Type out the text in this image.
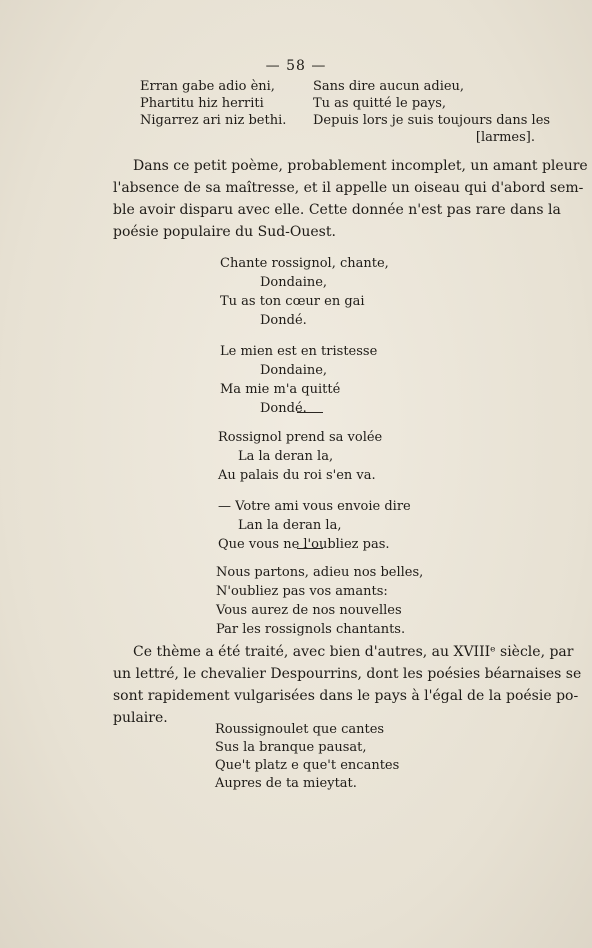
— 58 —
Erran gabe adio èni,
Phartitu hiz herriti
Nigarrez ari niz bethi.
Sans dire aucun adieu,
Tu as quitté le pays,
Depuis lors je suis toujours dans les
[larmes].
Dans ce petit poème, probablement incomplet, un amant pleure
l'absence de sa maîtresse, et il appelle un oiseau qui d'abord sem-
ble avoir disparu avec elle. Cette donnée n'est pas rare dans la
poésie populaire du Sud-Ouest.
Chante rossignol, chante,
Dondaine,
Tu as ton cœur en gai
Dondé.
Le mien est en tristesse
Dondaine,
Ma mie m'a quitté
Dondé.
Rossignol prend sa volée
La la deran la,
Au palais du roi s'en va.
— Votre ami vous envoie dire
Lan la deran la,
Que vous ne l'oubliez pas.
Nous partons, adieu nos belles,
N'oubliez pas vos amants:
Vous aurez de nos nouvelles
Par les rossignols chantants.
Ce thème a été traité, avec bien d'autres, au XVIIIᵉ siècle, par
un lettré, le chevalier Despourrins, dont les poésies béarnaises se
sont rapidement vulgarisées dans le pays à l'égal de la poésie po-
pulaire.
Roussignoulet que cantes
Sus la branque pausat,
Que't platz e que't encantes
Aupres de ta mieytat.
